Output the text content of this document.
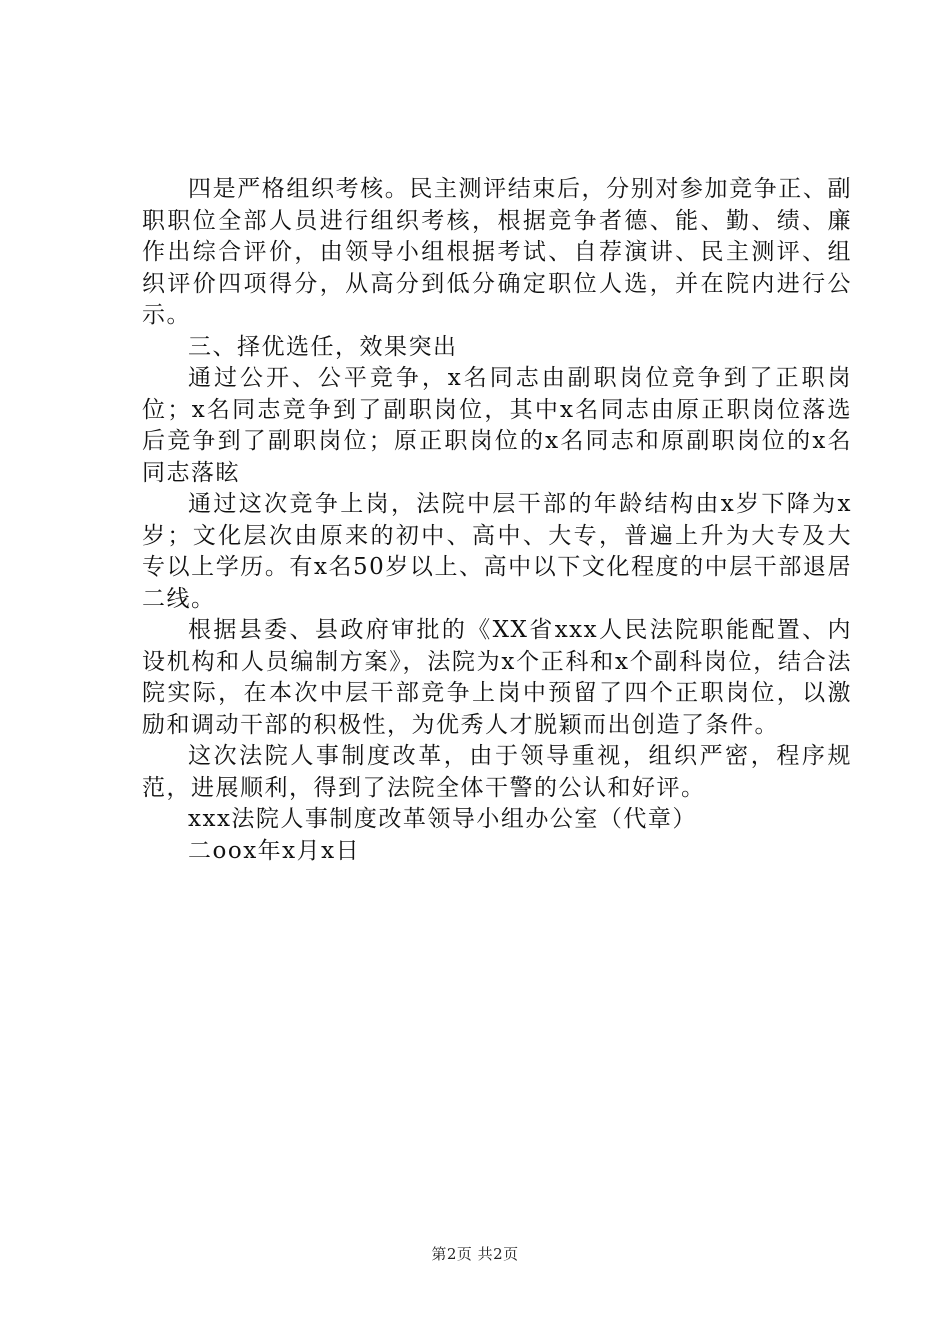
四是严格组织考核。民主测评结束后，分别对参加竞争正、副职职位全部人员进行组织考核，根据竞争者德、能、勤、绩、廉作出综合评价，由领导小组根据考试、自荐演讲、民主测评、组织评价四项得分，从高分到低分确定职位人选，并在院内进行公示。

三、择优选任，效果突出

通过公开、公平竞争，x名同志由副职岗位竞争到了正职岗位；x名同志竞争到了副职岗位，其中x名同志由原正职岗位落选后竞争到了副职岗位；原正职岗位的x名同志和原副职岗位的x名同志落眩

通过这次竞争上岗，法院中层干部的年龄结构由x岁下降为x岁；文化层次由原来的初中、高中、大专，普遍上升为大专及大专以上学历。有x名50岁以上、高中以下文化程度的中层干部退居二线。

根据县委、县政府审批的《XX省xxx人民法院职能配置、内设机构和人员编制方案》，法院为x个正科和x个副科岗位，结合法院实际，在本次中层干部竞争上岗中预留了四个正职岗位，以激励和调动干部的积极性，为优秀人才脱颖而出创造了条件。

这次法院人事制度改革，由于领导重视，组织严密，程序规范，进展顺利，得到了法院全体干警的公认和好评。

xxx法院人事制度改革领导小组办公室（代章）

二oox年x月x日

第2页 共2页
